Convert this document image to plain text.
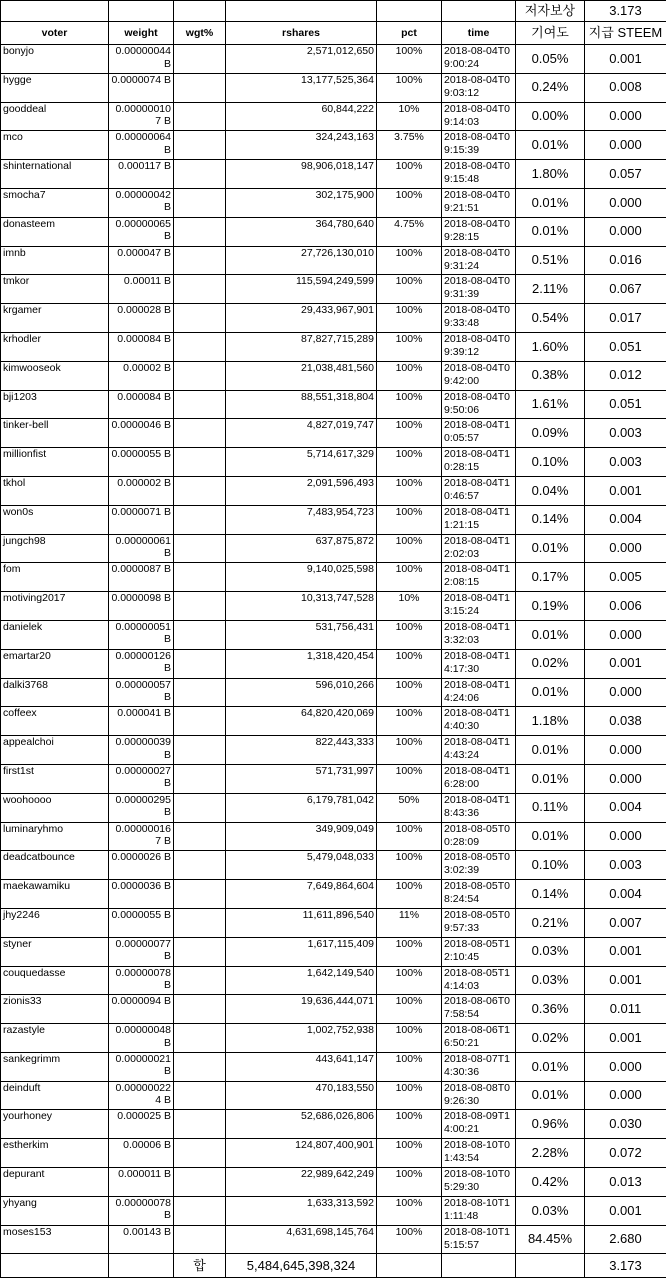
						저자보상	3.173
voter	weight	wgt%	rshares	pct	time	기여도	지급 STEEM
bonyjo	0.00000044 B		2,571,012,650	100%	2018-08-04T09:00:24	0.05%	0.001
hygge	0.0000074 B		13,177,525,364	100%	2018-08-04T09:03:12	0.24%	0.008
gooddeal	0.000000107 B		60,844,222	10%	2018-08-04T09:14:03	0.00%	0.000
mco	0.00000064 B		324,243,163	3.75%	2018-08-04T09:15:39	0.01%	0.000
shinternational	0.000117 B		98,906,018,147	100%	2018-08-04T09:15:48	1.80%	0.057
smocha7	0.00000042 B		302,175,900	100%	2018-08-04T09:21:51	0.01%	0.000
donasteem	0.00000065 B		364,780,640	4.75%	2018-08-04T09:28:15	0.01%	0.000
imnb	0.000047 B		27,726,130,010	100%	2018-08-04T09:31:24	0.51%	0.016
tmkor	0.00011 B		115,594,249,599	100%	2018-08-04T09:31:39	2.11%	0.067
krgamer	0.000028 B		29,433,967,901	100%	2018-08-04T09:33:48	0.54%	0.017
krhodler	0.000084 B		87,827,715,289	100%	2018-08-04T09:39:12	1.60%	0.051
kimwooseok	0.00002 B		21,038,481,560	100%	2018-08-04T09:42:00	0.38%	0.012
bji1203	0.000084 B		88,551,318,804	100%	2018-08-04T09:50:06	1.61%	0.051
tinker-bell	0.0000046 B		4,827,019,747	100%	2018-08-04T10:05:57	0.09%	0.003
millionfist	0.0000055 B		5,714,617,329	100%	2018-08-04T10:28:15	0.10%	0.003
tkhol	0.000002 B		2,091,596,493	100%	2018-08-04T10:46:57	0.04%	0.001
won0s	0.0000071 B		7,483,954,723	100%	2018-08-04T11:21:15	0.14%	0.004
jungch98	0.00000061 B		637,875,872	100%	2018-08-04T12:02:03	0.01%	0.000
fom	0.0000087 B		9,140,025,598	100%	2018-08-04T12:08:15	0.17%	0.005
motiving2017	0.0000098 B		10,313,747,528	10%	2018-08-04T13:15:24	0.19%	0.006
danielek	0.00000051 B		531,756,431	100%	2018-08-04T13:32:03	0.01%	0.000
emartar20	0.00000126 B		1,318,420,454	100%	2018-08-04T14:17:30	0.02%	0.001
dalki3768	0.00000057 B		596,010,266	100%	2018-08-04T14:24:06	0.01%	0.000
coffeex	0.000041 B		64,820,420,069	100%	2018-08-04T14:40:30	1.18%	0.038
appealchoi	0.00000039 B		822,443,333	100%	2018-08-04T14:43:24	0.01%	0.000
first1st	0.00000027 B		571,731,997	100%	2018-08-04T16:28:00	0.01%	0.000
woohoooo	0.00000295 B		6,179,781,042	50%	2018-08-04T18:43:36	0.11%	0.004
luminaryhmo	0.000000167 B		349,909,049	100%	2018-08-05T00:28:09	0.01%	0.000
deadcatbounce	0.0000026 B		5,479,048,033	100%	2018-08-05T03:02:39	0.10%	0.003
maekawamiku	0.0000036 B		7,649,864,604	100%	2018-08-05T08:24:54	0.14%	0.004
jhy2246	0.0000055 B		11,611,896,540	11%	2018-08-05T09:57:33	0.21%	0.007
styner	0.00000077 B		1,617,115,409	100%	2018-08-05T12:10:45	0.03%	0.001
couquedasse	0.00000078 B		1,642,149,540	100%	2018-08-05T14:14:03	0.03%	0.001
zionis33	0.0000094 B		19,636,444,071	100%	2018-08-06T07:58:54	0.36%	0.011
razastyle	0.00000048 B		1,002,752,938	100%	2018-08-06T16:50:21	0.02%	0.001
sankegrimm	0.00000021 B		443,641,147	100%	2018-08-07T14:30:36	0.01%	0.000
deinduft	0.000000224 B		470,183,550	100%	2018-08-08T09:26:30	0.01%	0.000
yourhoney	0.000025 B		52,686,026,806	100%	2018-08-09T14:00:21	0.96%	0.030
estherkim	0.00006 B		124,807,400,901	100%	2018-08-10T01:43:54	2.28%	0.072
depurant	0.000011 B		22,989,642,249	100%	2018-08-10T05:29:30	0.42%	0.013
yhyang	0.00000078 B		1,633,313,592	100%	2018-08-10T11:11:48	0.03%	0.001
moses153	0.00143 B		4,631,698,145,764	100%	2018-08-10T15:15:57	84.45%	2.680
		합	5,484,645,398,324				3.173
